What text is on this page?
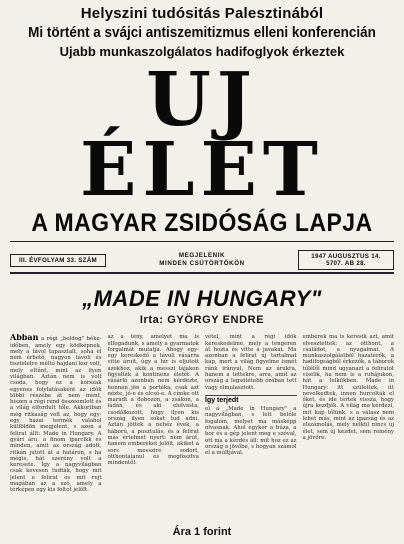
Helyszini tudósitás Palesztinából
Mi történt a svájci antiszemitizmus elleni konferencián
Ujabb munkaszolgálatos hadifoglyok érkeztek
UJ ÉLET
A MAGYAR ZSIDÓSÁG LAPJA
III. ÉVFOLYAM 33. SZÁM
MEGJELENIK
MINDEN CSÜTÖRTÖKÖN
1947 AUGUSZTUS 14.
5707. AB 28.
„MADE IN HUNGARY"
Irta: GYÖRGY ENDRE

Abban a régi „boldog" béke-időben, amely egy ködképnek, mely a távol tapasztalt, soha el nem érhető, nagyon távoli és tiszteletre méltó hajdani kor volt, mely eltűnt, mint az ilyen világban. Aztán nem is volt csoda, hogy ez a korszak egyenes folytatásaként az idők többi részébe át nem ment, hiszen a régi rend összeomlott és a világ elfordult tőle. Akkoriban még ritkaság volt az, hogy egy-egy hazai termék valahol külföldön megjelent, s azon a felirat állt: Made in Hungary. A gyári áru, a finom iparcikk és minden, amit az ország adott, ritkán jutott át a határon, s ha mégis, hát szerény volt a keresete. Így a nagyvilágban csak kevesen tudták, hogy mit jelent e felirat és mit rejt magában az a szó, amely a térképen egy kis foltot jelölt.

az a tény, amelyet ma is elfogadunk, s amely a gyarmatok forgalmát mutatja. Ahogy egy-egy kereskedő a távoli vásárra vitte áruit, úgy a hír is eljutott azokhoz, akik a messzi tájakon figyelték a kontinens életét. A vásárló azonban nem kérdezte, honnan jön a portéka, csak azt nézte, jó-e és olcsó-e. A címke ott maradt a dobozon, a zsákon, a ládán, és aki elolvasta, csodálkozott, hogy ilyen kis ország ilyen sokat tud adni. Aztán jöttek a nehéz évek, a háború, a pusztulás, és a felirat más értelmet nyert: nem árut, hanem embereket jelölt, akiket a sors messzire sodort, otthontalanul és megfosztva mindentől.

vétel, mint a régi idők kereskedelme, mely a tengeren át hozta és vitte a javakat. Ma azonban a felirat új tartalmat kap, mert a világ figyelme ismét ránk irányul. Nem az árukra, hanem a tettekre, arra, amit az ország a legsötétebb órában tett vagy elmulasztott.

Így terjedt

el a „Made in Hungary" a nagyvilágban, s lett belőle fogalom, melyet ma másképp olvasnak. Ahol egykor a búza, a bor és a gép jelent meg e szóval, ott ma a kérdés áll: mit hoz ez az ország a jövőbe, s hogyan számol el a múltjával.

emberek ma is keresik azt, amit elvesztettek: az otthont, a családot, a nyugalmat. A munkaszolgálatból hazatérők, a hadifogságból érkezők, a táborok túlélői mind ugyanazt a feliratot viselik, ha nem is a ruhájukon, hát a lelkükben. Made in Hungary: itt születtek, itt nevelkedtek, innen hurcolták el őket, és ide tértek vissza, hogy újra kezdjék. A világ ma kérdezi, mit kap tőlünk, s a válasz nem lehet más, mint az igazság és az elszámolás, mely nélkül nincs új élet, sem új kezdet, sem remény a jövőre.

Ára 1 forint
